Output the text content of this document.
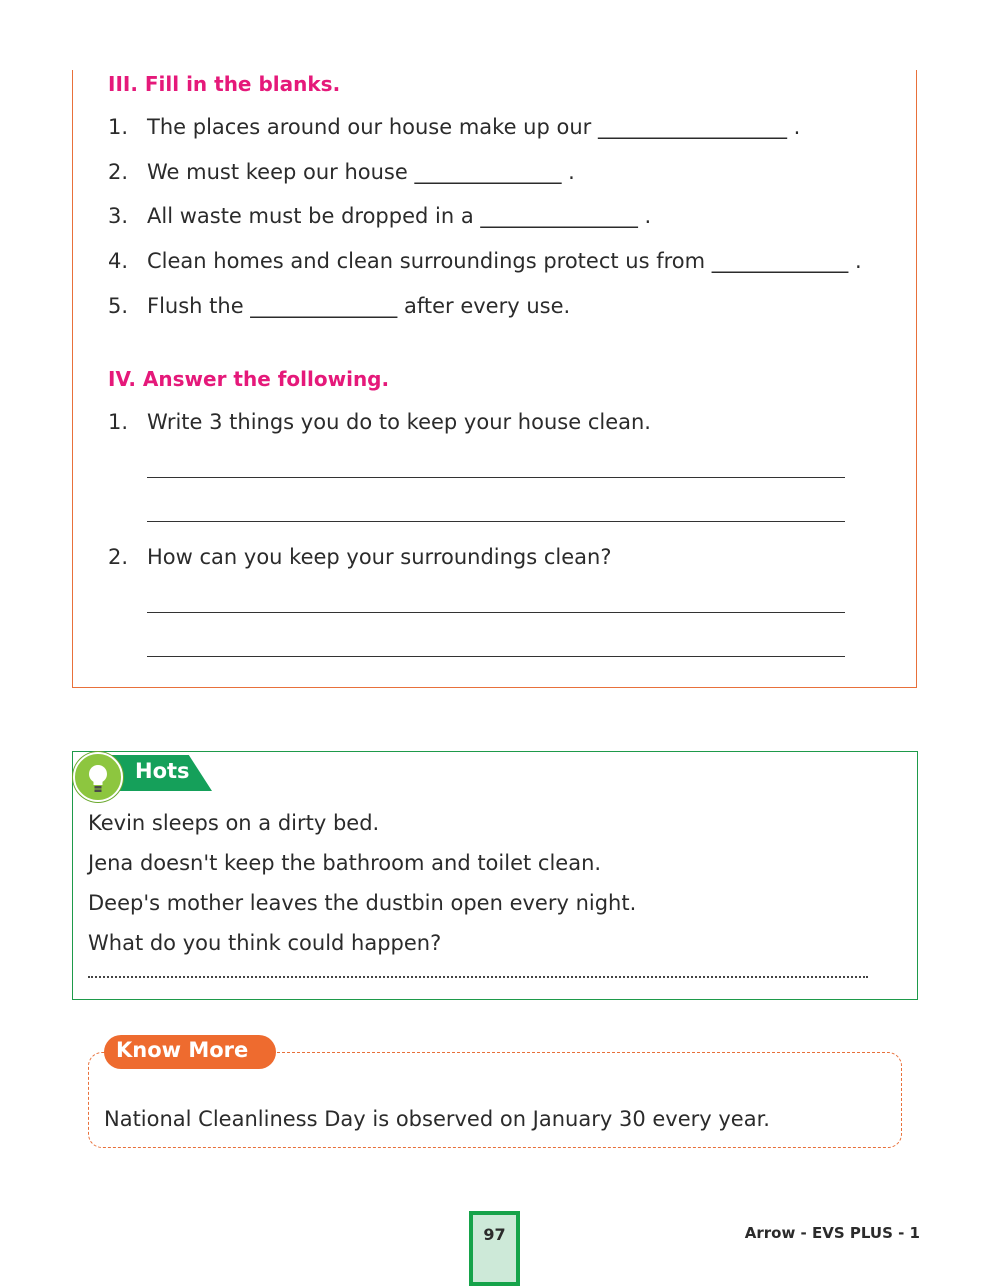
III. Fill in the blanks.
1. The places around our house make up our __________________ .
2. We must keep our house ______________ .
3. All waste must be dropped in a _______________ .
4. Clean homes and clean surroundings protect us from _____________ .
5. Flush the ______________ after every use.
IV. Answer the following.
1. Write 3 things you do to keep your house clean.
2. How can you keep your surroundings clean?
Hots
Kevin sleeps on a dirty bed.
Jena doesn't keep the bathroom and toilet clean.
Deep's mother leaves the dustbin open every night.
What do you think could happen?
Know More
National Cleanliness Day is observed on January 30 every year.
97	Arrow - EVS PLUS - 1
